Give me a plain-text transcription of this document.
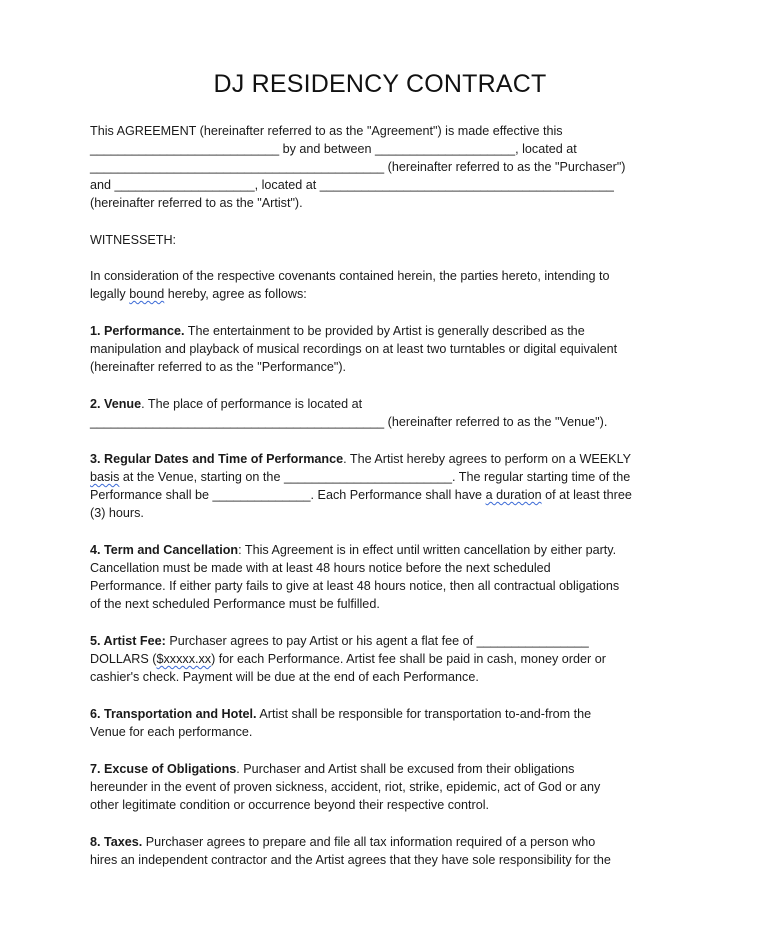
DJ RESIDENCY CONTRACT
This AGREEMENT (hereinafter referred to as the "Agreement") is made effective this
___________________________ by and between ____________________, located at
__________________________________________ (hereinafter referred to as the "Purchaser")
and ____________________, located at __________________________________________
(hereinafter referred to as the "Artist").
WITNESSETH:
In consideration of the respective covenants contained herein, the parties hereto, intending to
legally bound hereby, agree as follows:
1. Performance. The entertainment to be provided by Artist is generally described as the
manipulation and playback of musical recordings on at least two turntables or digital equivalent
(hereinafter referred to as the "Performance").
2. Venue. The place of performance is located at
__________________________________________ (hereinafter referred to as the "Venue").
3. Regular Dates and Time of Performance. The Artist hereby agrees to perform on a WEEKLY
basis at the Venue, starting on the ________________________. The regular starting time of the
Performance shall be ______________. Each Performance shall have a duration of at least three
(3) hours.
4. Term and Cancellation: This Agreement is in effect until written cancellation by either party.
Cancellation must be made with at least 48 hours notice before the next scheduled
Performance. If either party fails to give at least 48 hours notice, then all contractual obligations
of the next scheduled Performance must be fulfilled.
5. Artist Fee: Purchaser agrees to pay Artist or his agent a flat fee of ________________
DOLLARS ($xxxxx.xx) for each Performance. Artist fee shall be paid in cash, money order or
cashier's check. Payment will be due at the end of each Performance.
6. Transportation and Hotel. Artist shall be responsible for transportation to-and-from the
Venue for each performance.
7. Excuse of Obligations. Purchaser and Artist shall be excused from their obligations
hereunder in the event of proven sickness, accident, riot, strike, epidemic, act of God or any
other legitimate condition or occurrence beyond their respective control.
8. Taxes. Purchaser agrees to prepare and file all tax information required of a person who
hires an independent contractor and the Artist agrees that they have sole responsibility for the
